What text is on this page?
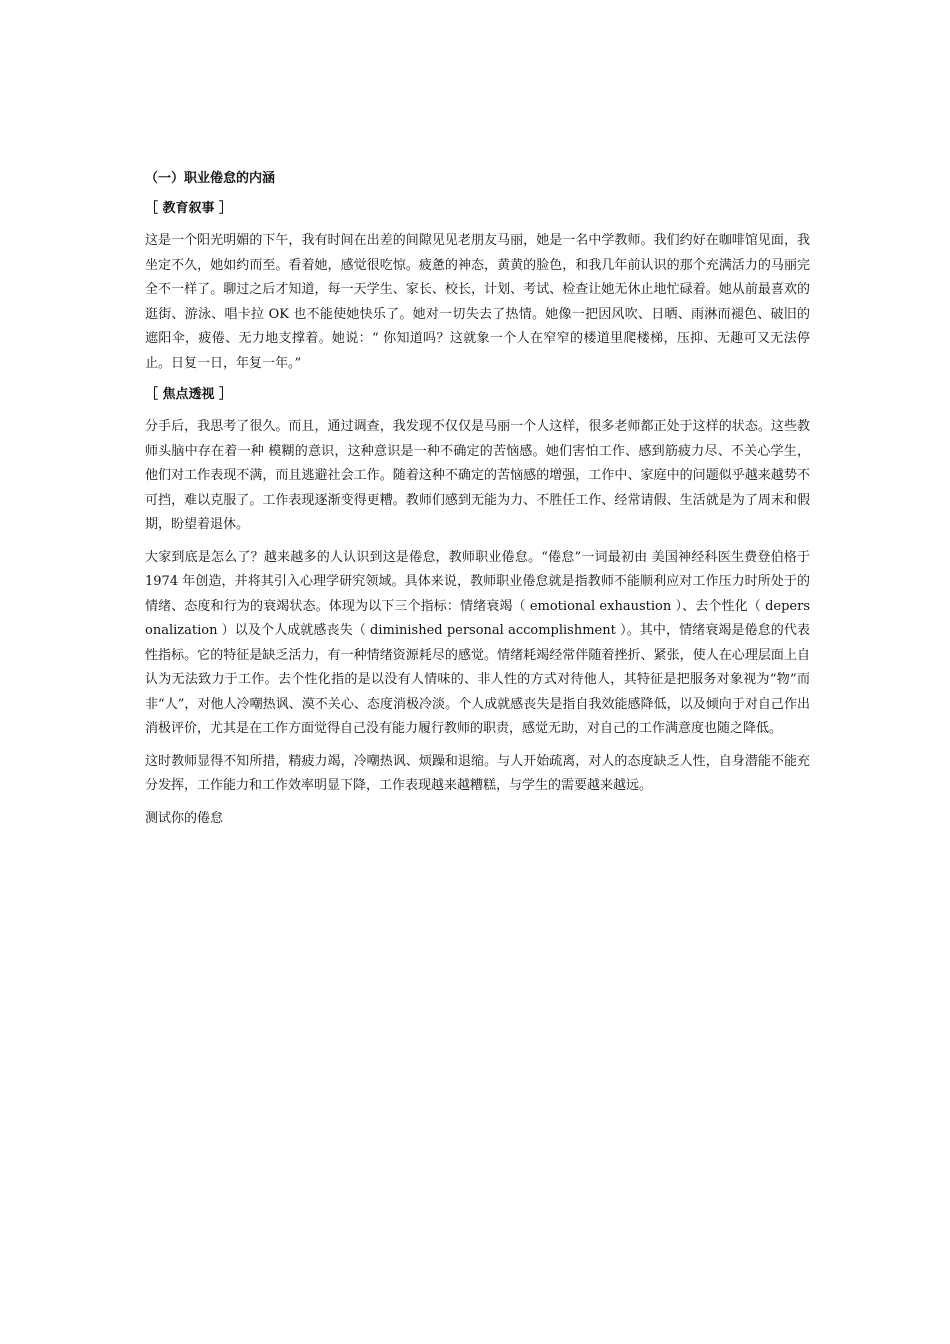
（一）职业倦怠的内涵
［ 教育叙事 ］

这是一个阳光明媚的下午，我有时间在出差的间隙见见老朋友马丽，她是一名中学教师。我们约好在咖啡馆见面，我坐定不久，她如约而至。看着她，感觉很吃惊。疲惫的神态，黄黄的脸色，和我几年前认识的那个充满活力的马丽完全不一样了。聊过之后才知道，每一天学生、家长、校长，计划、考试、检查让她无休止地忙碌着。她从前最喜欢的逛街、游泳、唱卡拉 OK 也不能使她快乐了。她对一切失去了热情。她像一把因风吹、日晒、雨淋而褪色、破旧的遮阳伞，疲倦、无力地支撑着。她说：“ 你知道吗？这就象一个人在窄窄的楼道里爬楼梯，压抑、无趣可又无法停止。日复一日，年复一年。”

［ 焦点透视 ］

分手后，我思考了很久。而且，通过调查，我发现不仅仅是马丽一个人这样，很多老师都正处于这样的状态。这些教师头脑中存在着一种 模糊的意识，这种意识是一种不确定的苦恼感。她们害怕工作、感到筋疲力尽、不关心学生，他们对工作表现不满，而且逃避社会工作。随着这种不确定的苦恼感的增强，工作中、家庭中的问题似乎越来越势不可挡，难以克服了。工作表现逐渐变得更糟。教师们感到无能为力、不胜任工作、经常请假、生活就是为了周末和假期，盼望着退休。

大家到底是怎么了？越来越多的人认识到这是倦怠，教师职业倦怠。“倦怠”一词最初由 美国神经科医生费登伯格于 1974 年创造，并将其引入心理学研究领域。具体来说，教师职业倦怠就是指教师不能顺利应对工作压力时所处于的情绪、态度和行为的衰竭状态。体现为以下三个指标：情绪衰竭（ emotional exhaustion ）、去个性化（ depersonalization ）以及个人成就感丧失（ diminished personal accomplishment ）。其中，情绪衰竭是倦怠的代表性指标。它的特征是缺乏活力，有一种情绪资源耗尽的感觉。情绪耗竭经常伴随着挫折、紧张，使人在心理层面上自认为无法致力于工作。去个性化指的是以没有人情味的、非人性的方式对待他人，其特征是把服务对象视为“物”而非“人”，对他人冷嘲热讽、漠不关心、态度消极冷淡。个人成就感丧失是指自我效能感降低，以及倾向于对自己作出消极评价，尤其是在工作方面觉得自己没有能力履行教师的职责，感觉无助，对自己的工作满意度也随之降低。

这时教师显得不知所措，精疲力竭，冷嘲热讽、烦躁和退缩。与人开始疏离，对人的态度缺乏人性，自身潜能不能充分发挥，工作能力和工作效率明显下降，工作表现越来越糟糕，与学生的需要越来越远。

测试你的倦怠
